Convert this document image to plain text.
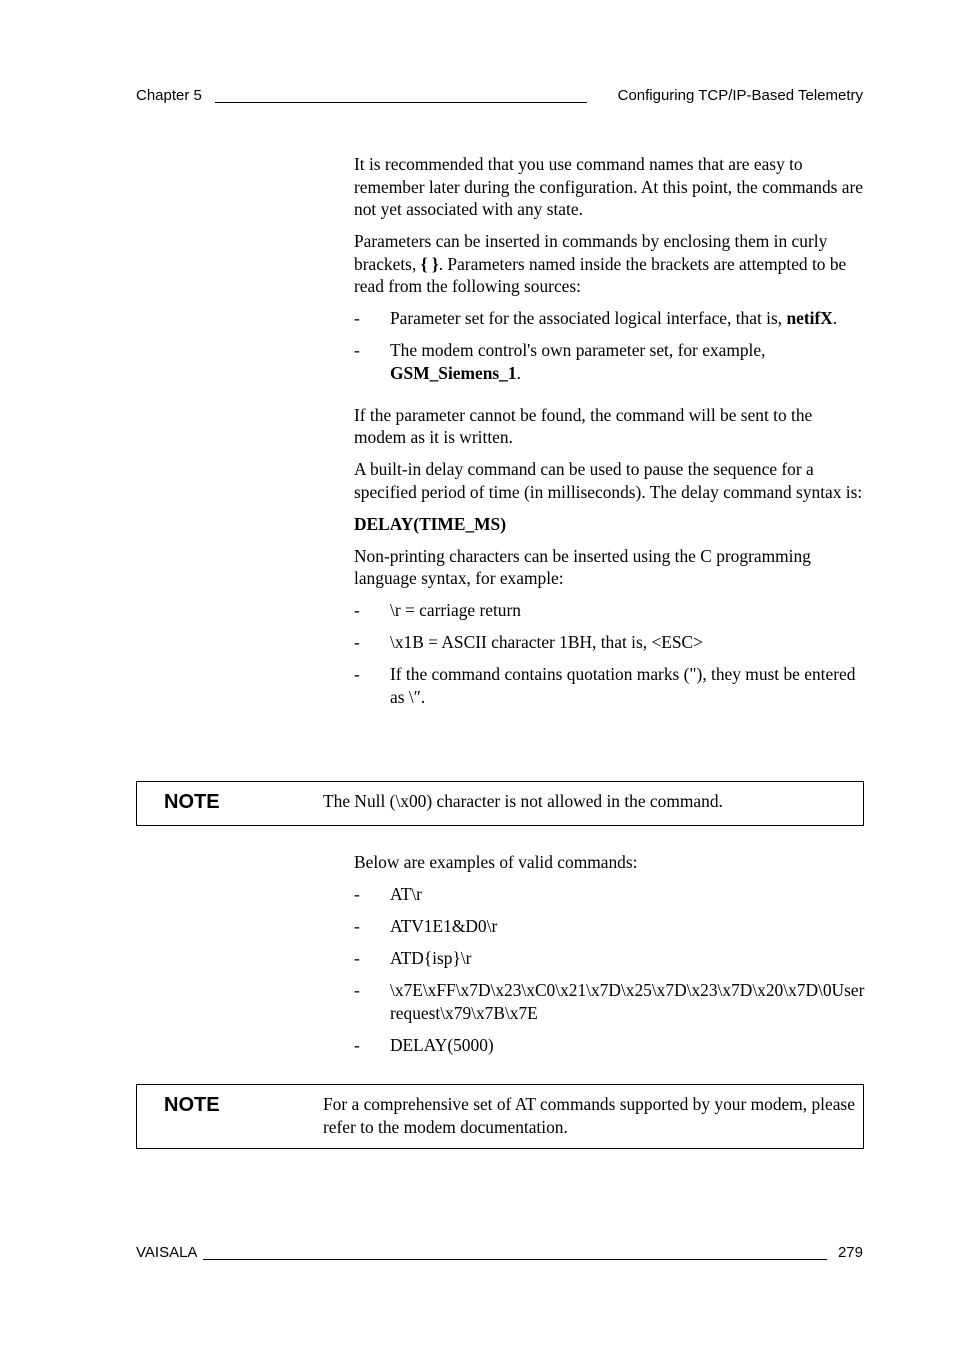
Chapter 5	Configuring TCP/IP-Based Telemetry

It is recommended that you use command names that are easy to remember later during the configuration. At this point, the commands are not yet associated with any state.

Parameters can be inserted in commands by enclosing them in curly brackets, { }. Parameters named inside the brackets are attempted to be read from the following sources:

- Parameter set for the associated logical interface, that is, netifX.
- The modem control's own parameter set, for example, GSM_Siemens_1.

If the parameter cannot be found, the command will be sent to the modem as it is written.

A built-in delay command can be used to pause the sequence for a specified period of time (in milliseconds). The delay command syntax is:

DELAY(TIME_MS)

Non-printing characters can be inserted using the C programming language syntax, for example:

- \r = carriage return
- \x1B = ASCII character 1BH, that is, <ESC>
- If the command contains quotation marks ("), they must be entered as \″.
NOTE	The Null (\x00) character is not allowed in the command.

Below are examples of valid commands:

- AT\r
- ATV1E1&D0\r
- ATD{isp}\r
- \x7E\xFF\x7D\x23\xC0\x21\x7D\x25\x7D\x23\x7D\x20\x7D\0User request\x79\x7B\x7E
- DELAY(5000)
NOTE	For a comprehensive set of AT commands supported by your modem, please refer to the modem documentation.
VAISALA	279
